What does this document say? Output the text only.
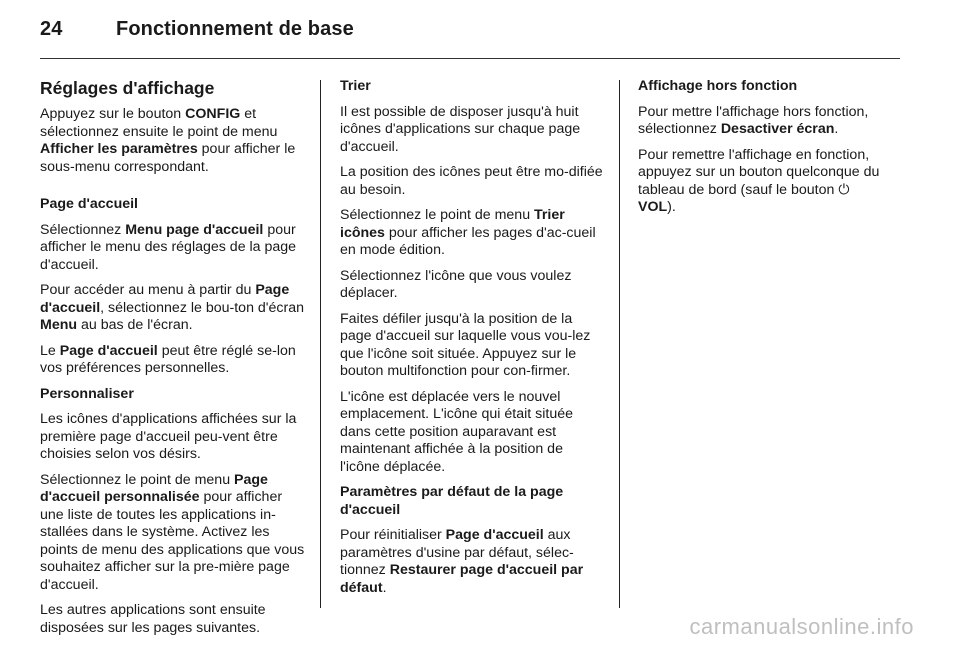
24	Fonctionnement de base

Réglages d'affichage

Appuyez sur le bouton CONFIG et sélectionnez ensuite le point de menu Afficher les paramètres pour afficher le sous-menu correspondant.

Page d'accueil

Sélectionnez Menu page d'accueil pour afficher le menu des réglages de la page d'accueil.

Pour accéder au menu à partir du Page d'accueil, sélectionnez le bou-ton d'écran Menu au bas de l'écran.

Le Page d'accueil peut être réglé se-lon vos préférences personnelles.

Personnaliser

Les icônes d'applications affichées sur la première page d'accueil peu-vent être choisies selon vos désirs.

Sélectionnez le point de menu Page d'accueil personnalisée pour afficher une liste de toutes les applications in-stallées dans le système. Activez les points de menu des applications que vous souhaitez afficher sur la pre-mière page d'accueil.

Les autres applications sont ensuite disposées sur les pages suivantes.

Trier

Il est possible de disposer jusqu'à huit icônes d'applications sur chaque page d'accueil.

La position des icônes peut être mo-difiée au besoin.

Sélectionnez le point de menu Trier icônes pour afficher les pages d'ac-cueil en mode édition.

Sélectionnez l'icône que vous voulez déplacer.

Faites défiler jusqu'à la position de la page d'accueil sur laquelle vous vou-lez que l'icône soit située. Appuyez sur le bouton multifonction pour con-firmer.

L'icône est déplacée vers le nouvel emplacement. L'icône qui était située dans cette position auparavant est maintenant affichée à la position de l'icône déplacée.

Paramètres par défaut de la page d'accueil

Pour réinitialiser Page d'accueil aux paramètres d'usine par défaut, sélec-tionnez Restaurer page d'accueil par défaut.

Affichage hors fonction

Pour mettre l'affichage hors fonction, sélectionnez Desactiver écran.

Pour remettre l'affichage en fonction, appuyez sur un bouton quelconque du tableau de bord (sauf le bouton ⏻
VOL).

carmanualsonline.info
